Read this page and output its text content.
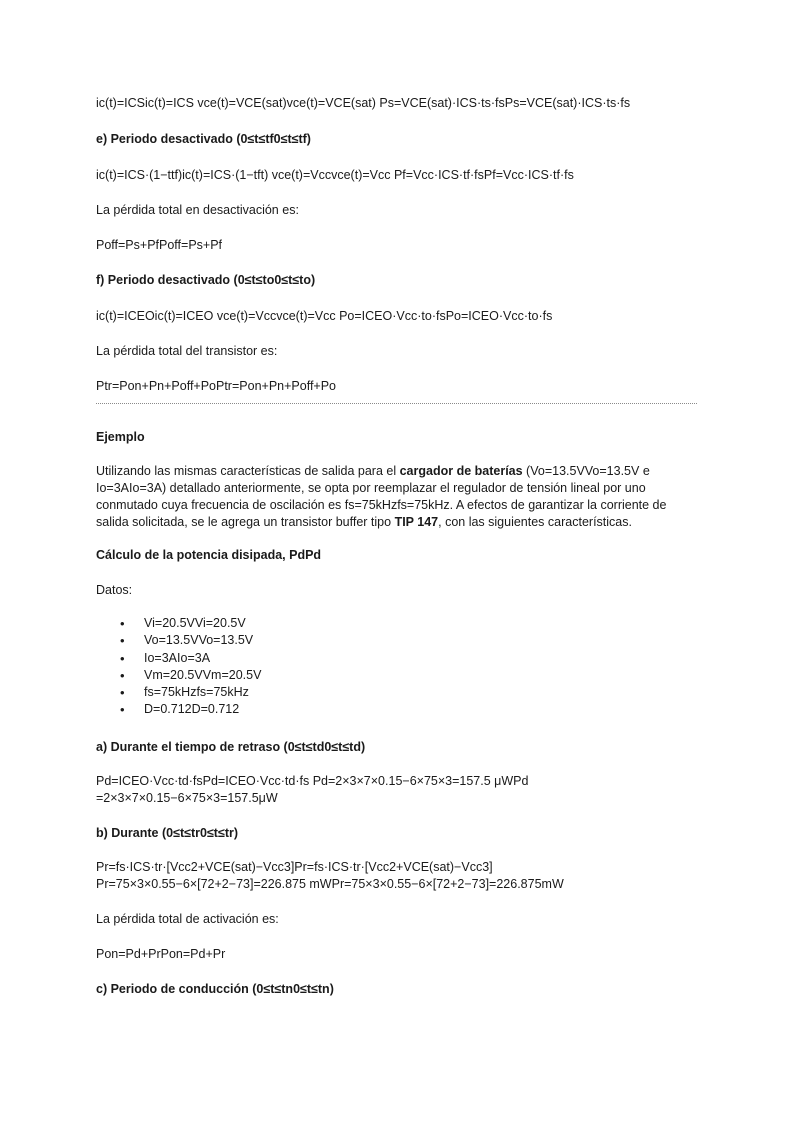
ic(t)=ICSic(t)=ICS vce(t)=VCE(sat)vce(t)=VCE(sat) Ps=VCE(sat)·ICS·ts·fsPs=VCE(sat)·ICS·ts·fs
e) Periodo desactivado (0≤t≤tf0≤t≤tf)
ic(t)=ICS·(1−ttf)ic(t)=ICS·(1−tft) vce(t)=Vccvce(t)=Vcc Pf=Vcc·ICS·tf·fsPf=Vcc·ICS·tf·fs
La pérdida total en desactivación es:
Poff=Ps+PfPoff=Ps+Pf
f) Periodo desactivado (0≤t≤to0≤t≤to)
ic(t)=ICEOic(t)=ICEO vce(t)=Vccvce(t)=Vcc Po=ICEO·Vcc·to·fsPo=ICEO·Vcc·to·fs
La pérdida total del transistor es:
Ptr=Pon+Pn+Poff+PoPtr=Pon+Pn+Poff+Po
Ejemplo
Utilizando las mismas características de salida para el cargador de baterías (Vo=13.5VVo=13.5V e Io=3AIo=3A) detallado anteriormente, se opta por reemplazar el regulador de tensión lineal por uno conmutado cuya frecuencia de oscilación es fs=75kHzfs=75kHz. A efectos de garantizar la corriente de salida solicitada, se le agrega un transistor buffer tipo TIP 147, con las siguientes características.
Cálculo de la potencia disipada, PdPd
Datos:
• Vi=20.5VVi=20.5V
• Vo=13.5VVo=13.5V
• Io=3AIo=3A
• Vm=20.5VVm=20.5V
• fs=75kHzfs=75kHz
• D=0.712D=0.712
a) Durante el tiempo de retraso (0≤t≤td0≤t≤td)
Pd=ICEO·Vcc·td·fsPd=ICEO·Vcc·td·fs Pd=2×3×7×0.15−6×75×3=157.5 μWPd
=2×3×7×0.15−6×75×3=157.5μW
b) Durante (0≤t≤tr0≤t≤tr)
Pr=fs·ICS·tr·[Vcc2+VCE(sat)−Vcc3]Pr=fs·ICS·tr·[Vcc2+VCE(sat)−Vcc3]
Pr=75×3×0.55−6×[72+2−73]=226.875 mWPr=75×3×0.55−6×[72+2−73]=226.875mW
La pérdida total de activación es:
Pon=Pd+PrPon=Pd+Pr
c) Periodo de conducción (0≤t≤tn0≤t≤tn)
